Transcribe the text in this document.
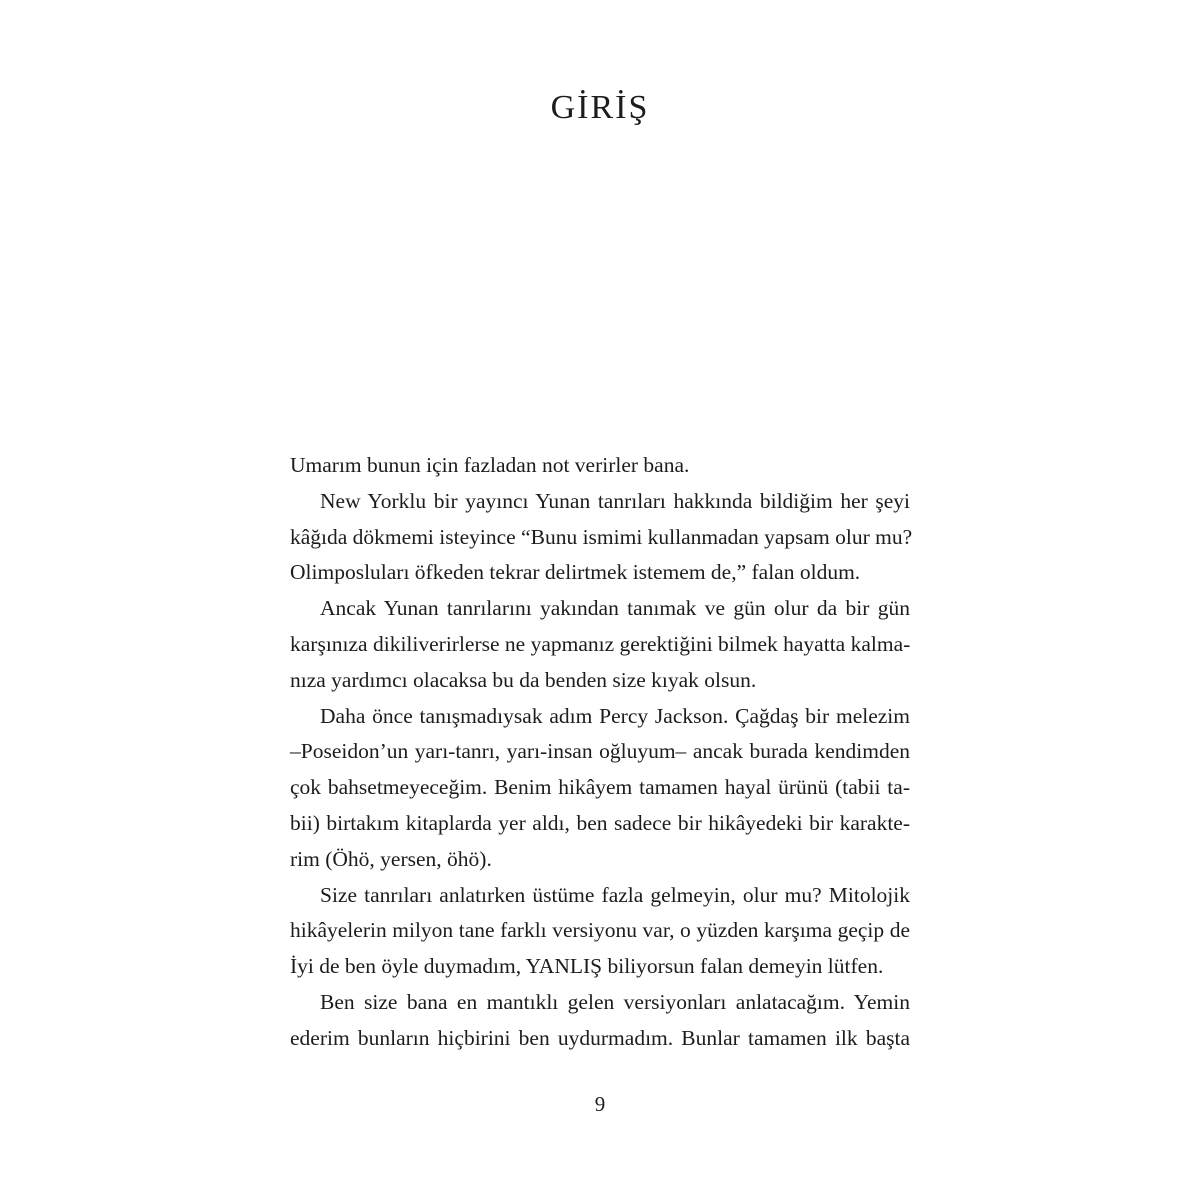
GİRİŞ
Umarım bunun için fazladan not verirler bana.
New Yorklu bir yayıncı Yunan tanrıları hakkında bildiğim her şeyi
kâğıda dökmemi isteyince “Bunu ismimi kullanmadan yapsam olur mu?
Olimposluları öfkeden tekrar delirtmek istemem de,” falan oldum.
Ancak Yunan tanrılarını yakından tanımak ve gün olur da bir gün
karşınıza dikiliverirlerse ne yapmanız gerektiğini bilmek hayatta kalma-
nıza yardımcı olacaksa bu da benden size kıyak olsun.
Daha önce tanışmadıysak adım Percy Jackson. Çağdaş bir melezim
–Poseidon’un yarı-tanrı, yarı-insan oğluyum– ancak burada kendimden
çok bahsetmeyeceğim. Benim hikâyem tamamen hayal ürünü (tabii ta-
bii) birtakım kitaplarda yer aldı, ben sadece bir hikâyedeki bir karakte-
rim (Öhö, yersen, öhö).
Size tanrıları anlatırken üstüme fazla gelmeyin, olur mu? Mitolojik
hikâyelerin milyon tane farklı versiyonu var, o yüzden karşıma geçip de
İyi de ben öyle duymadım, YANLIŞ biliyorsun falan demeyin lütfen.
Ben size bana en mantıklı gelen versiyonları anlatacağım. Yemin
ederim bunların hiçbirini ben uydurmadım. Bunlar tamamen ilk başta
9
